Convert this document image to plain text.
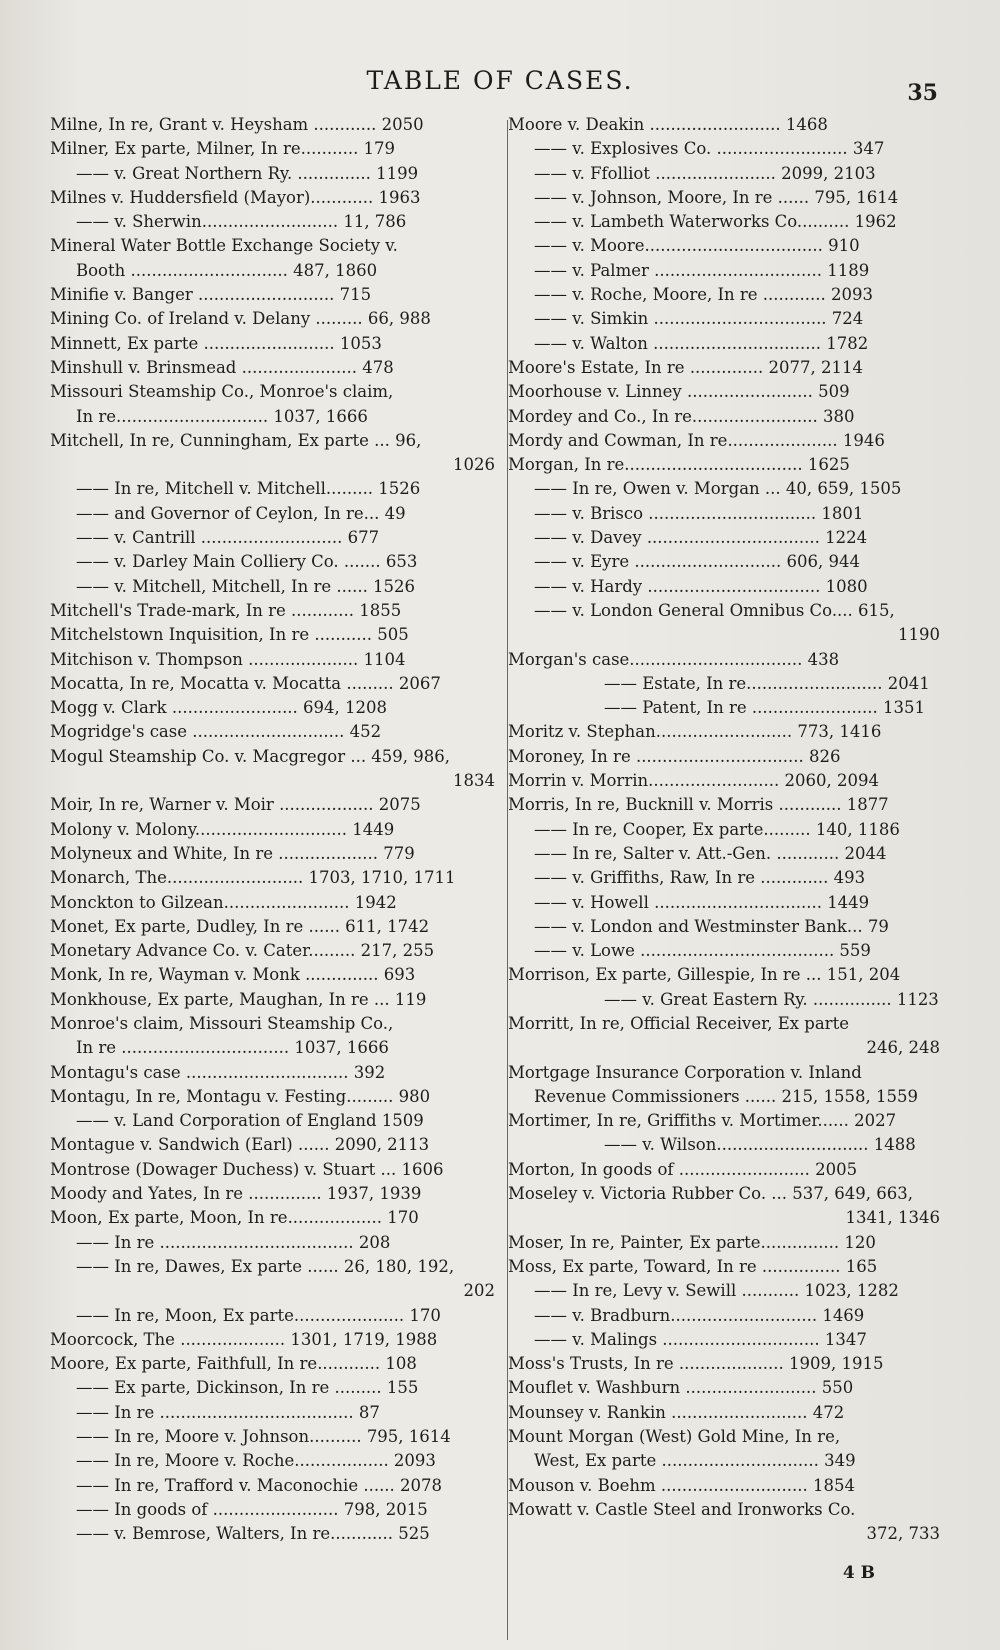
TABLE OF CASES.	35
Milne, In re, Grant v. Heysham ............ 2050
Milner, Ex parte, Milner, In re........... 179
—— v. Great Northern Ry. .............. 1199
Milnes v. Huddersfield (Mayor)............ 1963
—— v. Sherwin.......................... 11, 786
Mineral Water Bottle Exchange Society v.
Booth .............................. 487, 1860
Minifie v. Banger .......................... 715
Mining Co. of Ireland v. Delany ......... 66, 988
Minnett, Ex parte ......................... 1053
Minshull v. Brinsmead ...................... 478
Missouri Steamship Co., Monroe's claim,
In re............................. 1037, 1666
Mitchell, In re, Cunningham, Ex parte ... 96,
1026
—— In re, Mitchell v. Mitchell......... 1526
—— and Governor of Ceylon, In re... 49
—— v. Cantrill ........................... 677
—— v. Darley Main Colliery Co. ....... 653
—— v. Mitchell, Mitchell, In re ...... 1526
Mitchell's Trade-mark, In re ............ 1855
Mitchelstown Inquisition, In re ........... 505
Mitchison v. Thompson ..................... 1104
Mocatta, In re, Mocatta v. Mocatta ......... 2067
Mogg v. Clark ........................ 694, 1208
Mogridge's case ............................. 452
Mogul Steamship Co. v. Macgregor ... 459, 986,
1834
Moir, In re, Warner v. Moir .................. 2075
Molony v. Molony............................. 1449
Molyneux and White, In re ................... 779
Monarch, The.......................... 1703, 1710, 1711
Monckton to Gilzean........................ 1942
Monet, Ex parte, Dudley, In re ...... 611, 1742
Monetary Advance Co. v. Cater......... 217, 255
Monk, In re, Wayman v. Monk .............. 693
Monkhouse, Ex parte, Maughan, In re ... 119
Monroe's claim, Missouri Steamship Co.,
In re ................................ 1037, 1666
Montagu's case ............................... 392
Montagu, In re, Montagu v. Festing......... 980
—— v. Land Corporation of England 1509
Montague v. Sandwich (Earl) ...... 2090, 2113
Montrose (Dowager Duchess) v. Stuart ... 1606
Moody and Yates, In re .............. 1937, 1939
Moon, Ex parte, Moon, In re.................. 170
—— In re ..................................... 208
—— In re, Dawes, Ex parte ...... 26, 180, 192,
202
—— In re, Moon, Ex parte..................... 170
Moorcock, The .................... 1301, 1719, 1988
Moore, Ex parte, Faithfull, In re............ 108
—— Ex parte, Dickinson, In re ......... 155
—— In re ..................................... 87
—— In re, Moore v. Johnson.......... 795, 1614
—— In re, Moore v. Roche.................. 2093
—— In re, Trafford v. Maconochie ...... 2078
—— In goods of ........................ 798, 2015
—— v. Bemrose, Walters, In re............ 525
Moore v. Deakin ......................... 1468
—— v. Explosives Co. ......................... 347
—— v. Ffolliot ....................... 2099, 2103
—— v. Johnson, Moore, In re ...... 795, 1614
—— v. Lambeth Waterworks Co.......... 1962
—— v. Moore.................................. 910
—— v. Palmer ................................ 1189
—— v. Roche, Moore, In re ............ 2093
—— v. Simkin ................................. 724
—— v. Walton ................................ 1782
Moore's Estate, In re .............. 2077, 2114
Moorhouse v. Linney ........................ 509
Mordey and Co., In re........................ 380
Mordy and Cowman, In re..................... 1946
Morgan, In re.................................. 1625
—— In re, Owen v. Morgan ... 40, 659, 1505
—— v. Brisco ................................ 1801
—— v. Davey ................................. 1224
—— v. Eyre ............................ 606, 944
—— v. Hardy ................................. 1080
—— v. London General Omnibus Co.... 615,
1190
Morgan's case................................. 438
—— Estate, In re.......................... 2041
—— Patent, In re ........................ 1351
Moritz v. Stephan.......................... 773, 1416
Moroney, In re ................................ 826
Morrin v. Morrin......................... 2060, 2094
Morris, In re, Bucknill v. Morris ............ 1877
—— In re, Cooper, Ex parte......... 140, 1186
—— In re, Salter v. Att.-Gen. ............ 2044
—— v. Griffiths, Raw, In re ............. 493
—— v. Howell ................................ 1449
—— v. London and Westminster Bank... 79
—— v. Lowe ..................................... 559
Morrison, Ex parte, Gillespie, In re ... 151, 204
—— v. Great Eastern Ry. ............... 1123
Morritt, In re, Official Receiver, Ex parte
246, 248
Mortgage Insurance Corporation v. Inland
Revenue Commissioners ...... 215, 1558, 1559
Mortimer, In re, Griffiths v. Mortimer...... 2027
—— v. Wilson............................. 1488
Morton, In goods of ......................... 2005
Moseley v. Victoria Rubber Co. ... 537, 649, 663,
1341, 1346
Moser, In re, Painter, Ex parte............... 120
Moss, Ex parte, Toward, In re ............... 165
—— In re, Levy v. Sewill ........... 1023, 1282
—— v. Bradburn............................ 1469
—— v. Malings .............................. 1347
Moss's Trusts, In re .................... 1909, 1915
Mouflet v. Washburn ......................... 550
Mounsey v. Rankin .......................... 472
Mount Morgan (West) Gold Mine, In re,
West, Ex parte .............................. 349
Mouson v. Boehm ............................ 1854
Mowatt v. Castle Steel and Ironworks Co.
372, 733
4 B
